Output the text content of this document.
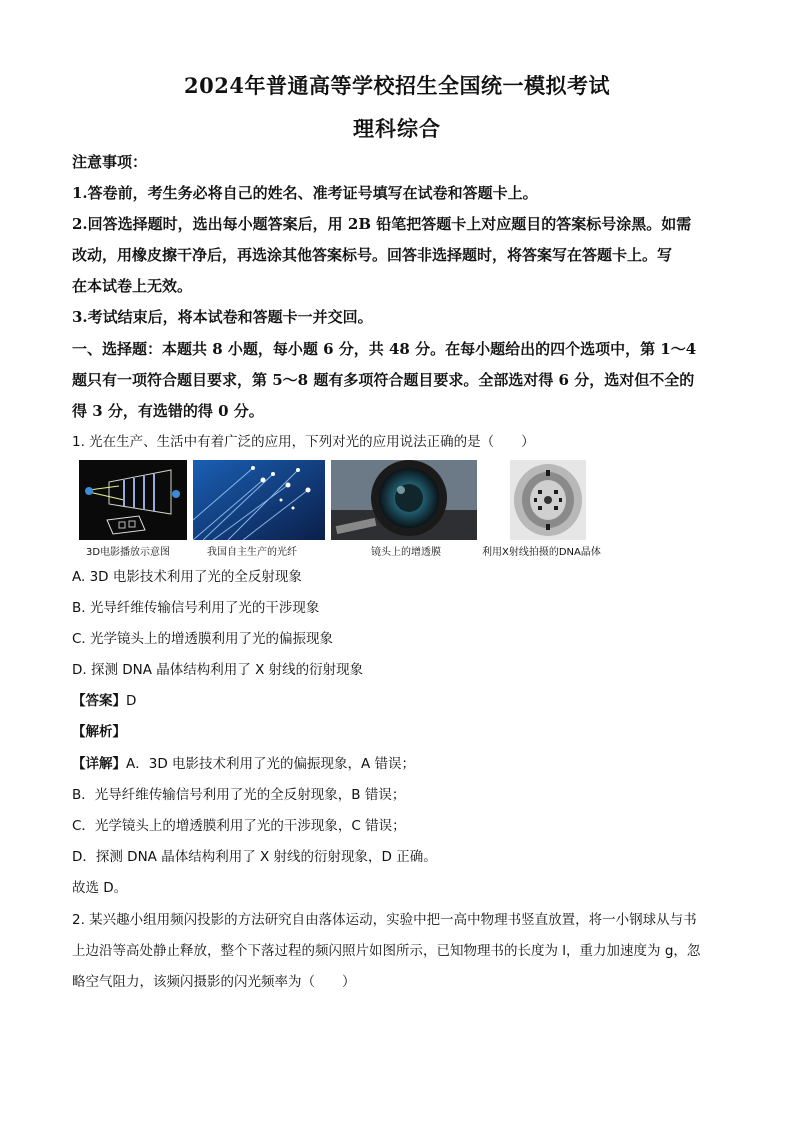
2024年普通高等学校招生全国统一模拟考试
理科综合
注意事项：
1.答卷前，考生务必将自己的姓名、准考证号填写在试卷和答题卡上。
2.回答选择题时，选出每小题答案后，用 2B 铅笔把答题卡上对应题目的答案标号涂黑。如需
改动，用橡皮擦干净后，再选涂其他答案标号。回答非选择题时，将答案写在答题卡上。写
在本试卷上无效。
3.考试结束后，将本试卷和答题卡一并交回。
一、选择题：本题共 8 小题，每小题 6 分，共 48 分。在每小题给出的四个选项中，第 1～4
题只有一项符合题目要求，第 5～8 题有多项符合题目要求。全部选对得 6 分，选对但不全的
得 3 分，有选错的得 0 分。
1. 光在生产、生活中有着广泛的应用，下列对光的应用说法正确的是（　　）
3D电影播放示意图	我国自主生产的光纤	镜头上的增透膜	利用X射线拍摄的DNA晶体
A. 3D 电影技术利用了光的全反射现象
B. 光导纤维传输信号利用了光的干涉现象
C. 光学镜头上的增透膜利用了光的偏振现象
D. 探测 DNA 晶体结构利用了 X 射线的衍射现象
【答案】D
【解析】
【详解】A．3D 电影技术利用了光的偏振现象，A 错误；
B．光导纤维传输信号利用了光的全反射现象，B 错误；
C．光学镜头上的增透膜利用了光的干涉现象，C 错误；
D．探测 DNA 晶体结构利用了 X 射线的衍射现象，D 正确。
故选 D。
2. 某兴趣小组用频闪投影的方法研究自由落体运动，实验中把一高中物理书竖直放置，将一小钢球从与书
上边沿等高处静止释放，整个下落过程的频闪照片如图所示，已知物理书的长度为 l，重力加速度为 g，忽
略空气阻力，该频闪摄影的闪光频率为（　　）
